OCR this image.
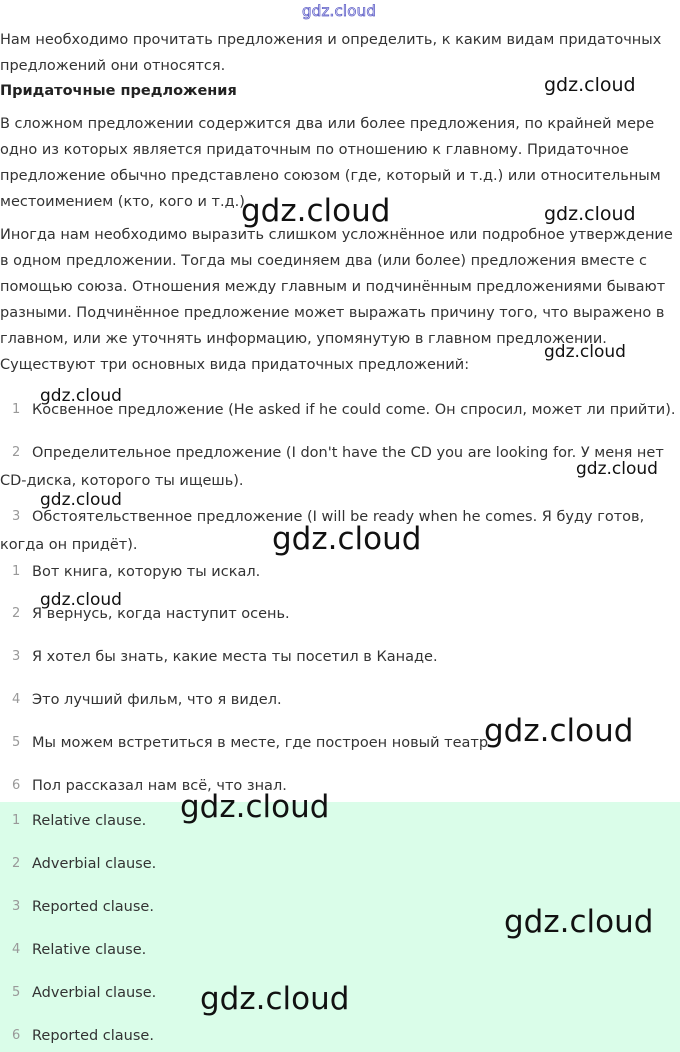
gdz.cloud
Нам необходимо прочитать предложения и определить, к каким видам придаточных предложений они относятся.
Придаточные предложения
В сложном предложении содержится два или более предложения, по крайней мере одно из которых является придаточным по отношению к главному. Придаточное предложение обычно представлено союзом (где, который и т.д.) или относительным местоимением (кто, кого и т.д.).
Иногда нам необходимо выразить слишком усложнённое или подробное утверждение в одном предложении. Тогда мы соединяем два (или более) предложения вместе с помощью союза. Отношения между главным и подчинённым предложениями бывают разными. Подчинённое предложение может выражать причину того, что выражено в главном, или же уточнять информацию, упомянутую в главном предложении.
Существуют три основных вида придаточных предложений:
1 Косвенное предложение (He asked if he could come. Он спросил, может ли прийти).
2 Определительное предложение (I don't have the CD you are looking for. У меня нет CD-диска, которого ты ищешь).
3 Обстоятельственное предложение (I will be ready when he comes. Я буду готов, когда он придёт).
1 Вот книга, которую ты искал.
2 Я вернусь, когда наступит осень.
3 Я хотел бы знать, какие места ты посетил в Канаде.
4 Это лучший фильм, что я видел.
5 Мы можем встретиться в месте, где построен новый театр.
6 Пол рассказал нам всё, что знал.
1 Relative clause.
2 Adverbial clause.
3 Reported clause.
4 Relative clause.
5 Adverbial clause.
6 Reported clause.
gdz.cloud
gdz.cloud	gdz.cloud
gdz.cloud
gdz.cloud
gdz.cloud
gdz.cloud
gdz.cloud
gdz.cloud
gdz.cloud
gdz.cloud
gdz.cloud
gdz.cloud
